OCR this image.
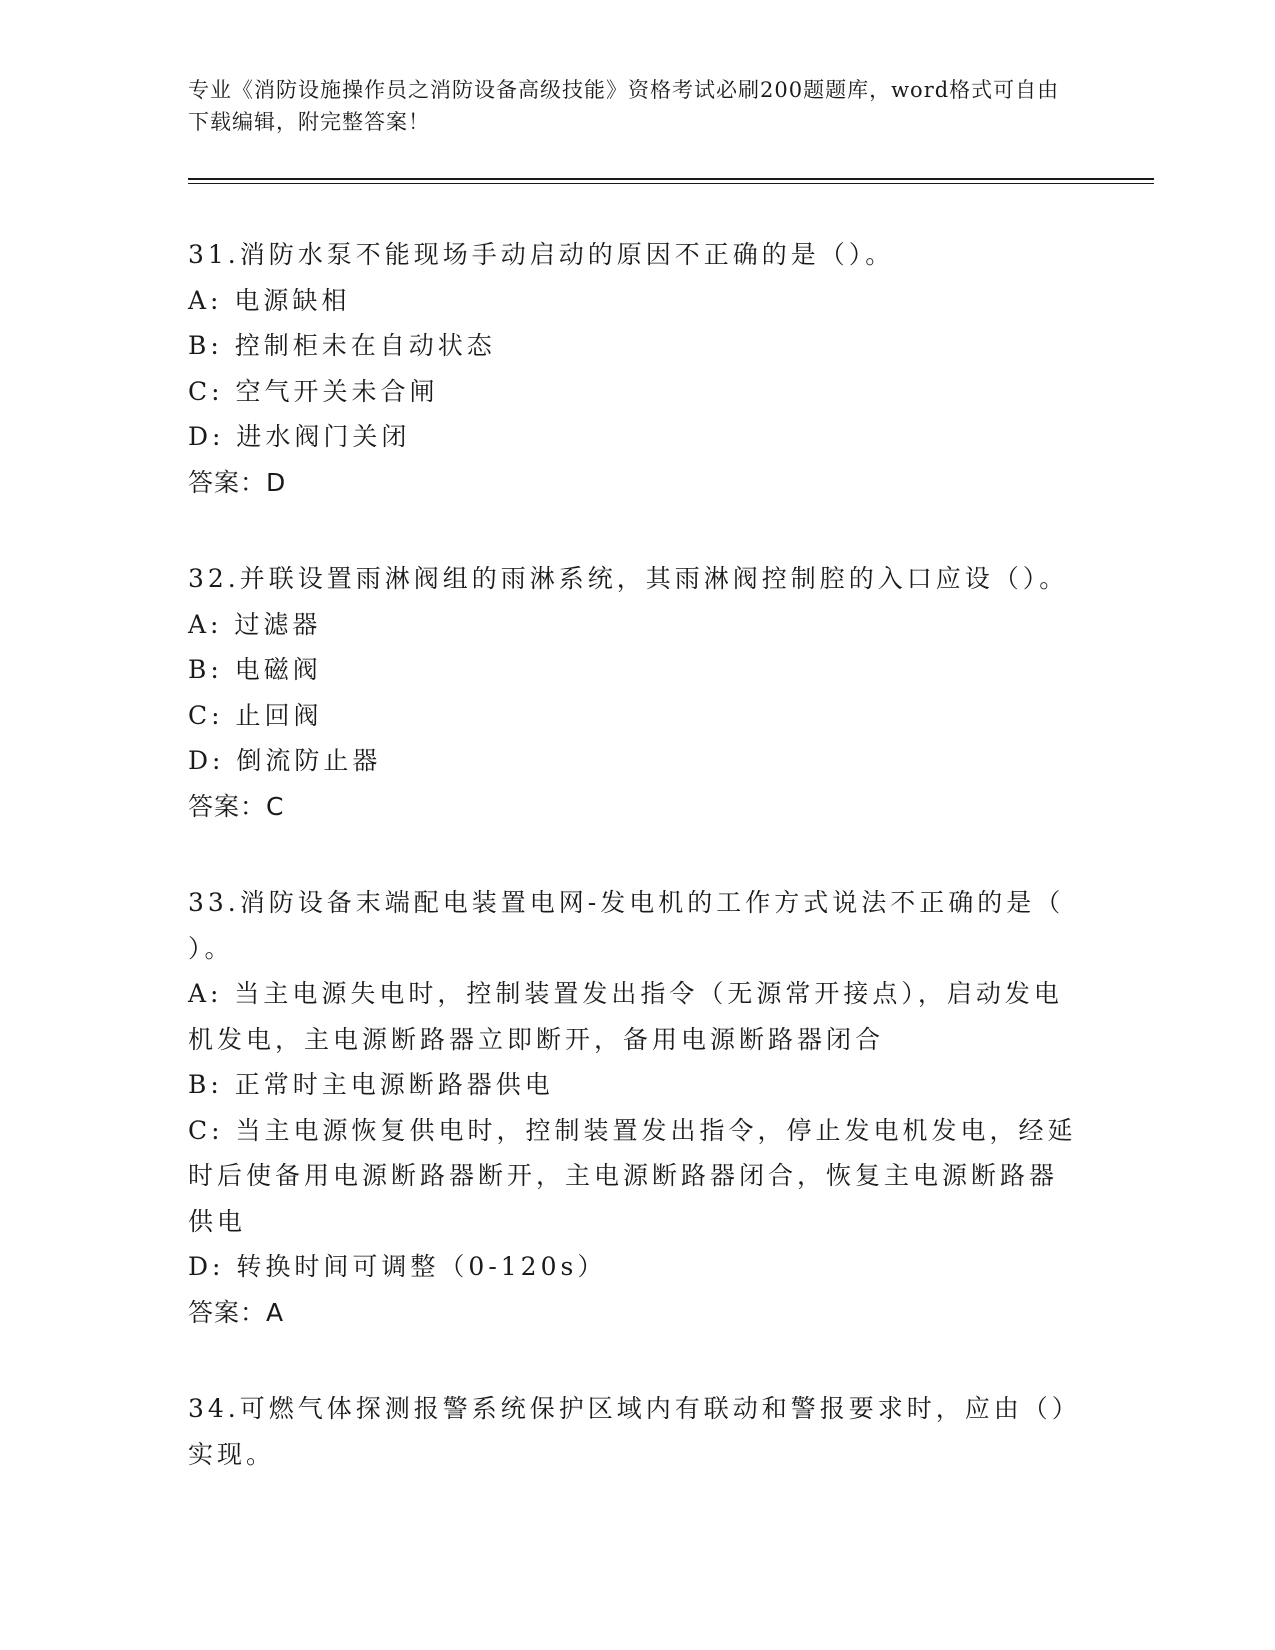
专业《消防设施操作员之消防设备高级技能》资格考试必刷200题题库，word格式可自由下载编辑，附完整答案！
31.消防水泵不能现场手动启动的原因不正确的是（）。
A: 电源缺相
B: 控制柜未在自动状态
C: 空气开关未合闸
D: 进水阀门关闭
答案：D
32.并联设置雨淋阀组的雨淋系统，其雨淋阀控制腔的入口应设（）。
A: 过滤器
B: 电磁阀
C: 止回阀
D: 倒流防止器
答案：C
33.消防设备末端配电装置电网-发电机的工作方式说法不正确的是（
）。
A: 当主电源失电时，控制装置发出指令（无源常开接点），启动发电
机发电，主电源断路器立即断开，备用电源断路器闭合
B: 正常时主电源断路器供电
C: 当主电源恢复供电时，控制装置发出指令，停止发电机发电，经延
时后使备用电源断路器断开，主电源断路器闭合，恢复主电源断路器
供电
D: 转换时间可调整（0-120s）
答案：A
34.可燃气体探测报警系统保护区域内有联动和警报要求时，应由（）
实现。
